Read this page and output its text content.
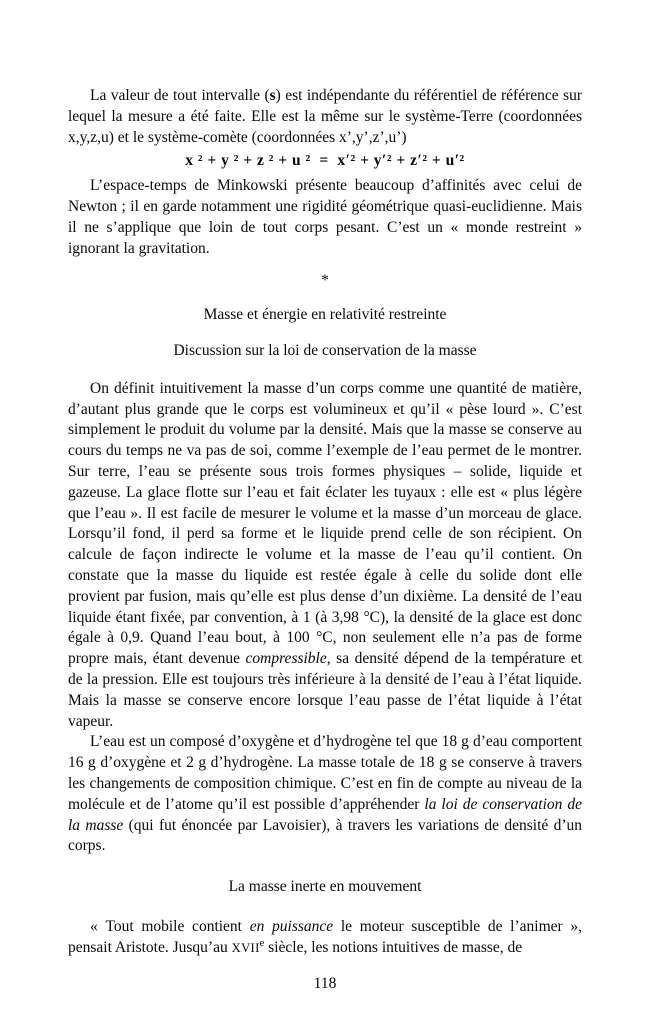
La valeur de tout intervalle (s) est indépendante du référentiel de référence sur lequel la mesure a été faite. Elle est la même sur le système-Terre (coordonnées x,y,z,u) et le système-comète (coordonnées x’,y’,z’,u’)

x ² + y ² + z ² + u ²  =  x′² + y′² + z′² + u′²

L’espace-temps de Minkowski présente beaucoup d’affinités avec celui de Newton ; il en garde notamment une rigidité géométrique quasi-euclidienne. Mais il ne s’applique que loin de tout corps pesant. C’est un « monde restreint » ignorant la gravitation.

*
Masse et énergie en relativité restreinte
Discussion sur la loi de conservation de la masse

On définit intuitivement la masse d’un corps comme une quantité de matière, d’autant plus grande que le corps est volumineux et qu’il « pèse lourd ». C’est simplement le produit du volume par la densité. Mais que la masse se conserve au cours du temps ne va pas de soi, comme l’exemple de l’eau permet de le montrer. Sur terre, l’eau se présente sous trois formes physiques – solide, liquide et gazeuse. La glace flotte sur l’eau et fait éclater les tuyaux : elle est « plus légère que l’eau ». Il est facile de mesurer le volume et la masse d’un morceau de glace. Lorsqu’il fond, il perd sa forme et le liquide prend celle de son récipient. On calcule de façon indirecte le volume et la masse de l’eau qu’il contient. On constate que la masse du liquide est restée égale à celle du solide dont elle provient par fusion, mais qu’elle est plus dense d’un dixième. La densité de l’eau liquide étant fixée, par convention, à 1 (à 3,98 °C), la densité de la glace est donc égale à 0,9. Quand l’eau bout, à 100 °C, non seulement elle n’a pas de forme propre mais, étant devenue compressible, sa densité dépend de la température et de la pression. Elle est toujours très inférieure à la densité de l’eau à l’état liquide. Mais la masse se conserve encore lorsque l’eau passe de l’état liquide à l’état vapeur.

L’eau est un composé d’oxygène et d’hydrogène tel que 18 g d’eau comportent 16 g d’oxygène et 2 g d’hydrogène. La masse totale de 18 g se conserve à travers les changements de composition chimique. C’est en fin de compte au niveau de la molécule et de l’atome qu’il est possible d’appréhender la loi de conservation de la masse (qui fut énoncée par Lavoisier), à travers les variations de densité d’un corps.

La masse inerte en mouvement

« Tout mobile contient en puissance le moteur susceptible de l’animer », pensait Aristote. Jusqu’au XVIIe siècle, les notions intuitives de masse, de

118
